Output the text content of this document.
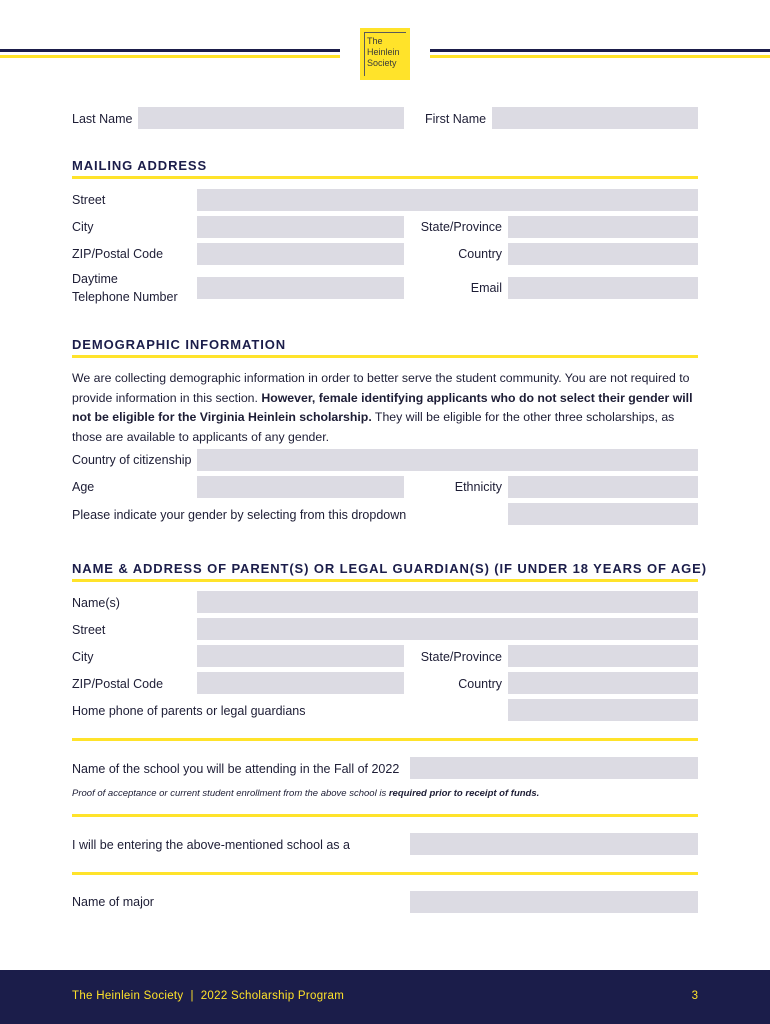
The
Heinlein
Society
Last Name	First Name
MAILING ADDRESS
Street
City	State/Province
ZIP/Postal Code	Country
Daytime
Telephone Number
Email
DEMOGRAPHIC INFORMATION
We are collecting demographic information in order to better serve the student community. You are not required to provide information in this section. However, female identifying applicants who do not select their gender will not be eligible for the Virginia Heinlein scholarship. They will be eligible for the other three scholarships, as those are available to applicants of any gender.
Country of citizenship
Age	Ethnicity
Please indicate your gender by selecting from this dropdown
NAME & ADDRESS OF PARENT(S) OR LEGAL GUARDIAN(S) (IF UNDER 18 YEARS OF AGE)
Name(s)
Street
City	State/Province
ZIP/Postal Code	Country
Home phone of parents or legal guardians
Name of the school you will be attending in the Fall of 2022
Proof of acceptance or current student enrollment from the above school is required prior to receipt of funds.
I will be entering the above-mentioned school as a
Name of major
The Heinlein Society  |  2022 Scholarship Program	3
